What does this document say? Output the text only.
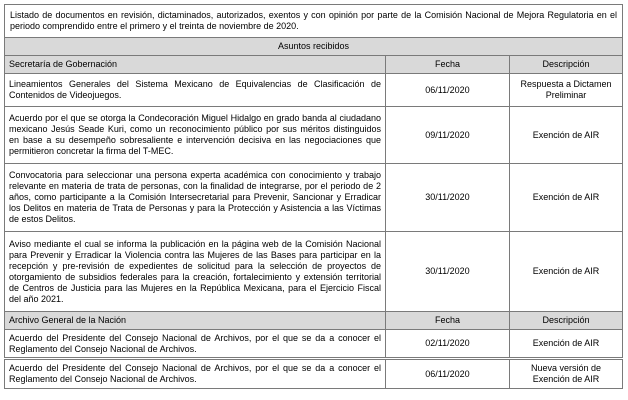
Listado de documentos en revisión, dictaminados, autorizados, exentos y con opinión por parte de la Comisión Nacional de Mejora Regulatoria en el periodo comprendido entre el primero y el treinta de noviembre de 2020.		
Asuntos recibidos		
Secretaría de Gobernación	Fecha	Descripción
Lineamientos Generales del Sistema Mexicano de Equivalencias de Clasificación de Contenidos de Videojuegos.	06/11/2020	Respuesta a Dictamen Preliminar
Acuerdo por el que se otorga la Condecoración Miguel Hidalgo en grado banda al ciudadano mexicano Jesús Seade Kuri, como un reconocimiento público por sus méritos distinguidos en base a su desempeño sobresaliente e intervención decisiva en las negociaciones que permitieron concretar la firma del T-MEC.	09/11/2020	Exención de AIR
Convocatoria para seleccionar una persona experta académica con conocimiento y trabajo relevante en materia de trata de personas, con la finalidad de integrarse, por el periodo de 2 años, como participante a la Comisión Intersecretarial para Prevenir, Sancionar y Erradicar los Delitos en materia de Trata de Personas y para la Protección y Asistencia a las Víctimas de estos Delitos.	30/11/2020	Exención de AIR
Aviso mediante el cual se informa la publicación en la página web de la Comisión Nacional para Prevenir y Erradicar la Violencia contra las Mujeres de las Bases para participar en la recepción y pre-revisión de expedientes de solicitud para la selección de proyectos de otorgamiento de subsidios federales para la creación, fortalecimiento y extensión territorial de Centros de Justicia para las Mujeres en la República Mexicana, para el Ejercicio Fiscal del año 2021.	30/11/2020	Exención de AIR
Archivo General de la Nación	Fecha	Descripción
Acuerdo del Presidente del Consejo Nacional de Archivos, por el que se da a conocer el Reglamento del Consejo Nacional de Archivos.	02/11/2020	Exención de AIR
Acuerdo del Presidente del Consejo Nacional de Archivos, por el que se da a conocer el Reglamento del Consejo Nacional de Archivos.	06/11/2020	Nueva versión de Exención de AIR
